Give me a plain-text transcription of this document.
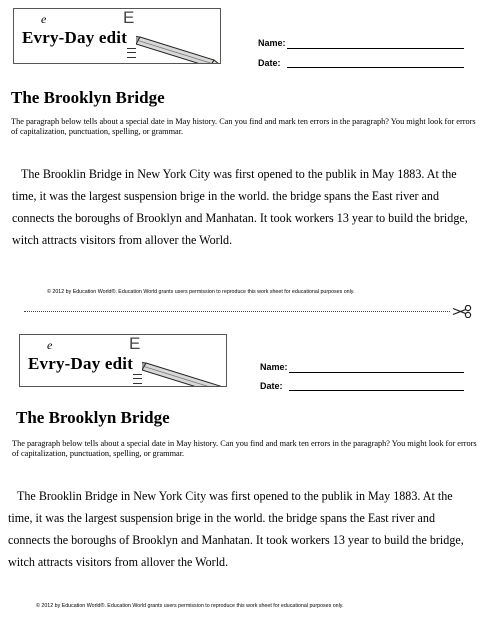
e	E
Evry-Day edit	Name:
Date:
The Brooklyn Bridge

The paragraph below tells about a special date in May history. Can you find and mark ten errors in the paragraph? You might look for errors of capitalization, punctuation, spelling, or grammar.

The Brooklin Bridge in New York City was first opened to the publik in May 1883. At the time, it was the largest suspension brige in the world. the bridge spans the East river and connects the boroughs of Brooklyn and Manhatan. It took workers 13 year to build the bridge, witch attracts visitors from allover the World.

© 2012 by Education World®. Education World grants users permission to reproduce this work sheet for educational purposes only.

e	E
Evry-Day edit	Name:
Date:
The Brooklyn Bridge

The paragraph below tells about a special date in May history. Can you find and mark ten errors in the paragraph? You might look for errors of capitalization, punctuation, spelling, or grammar.

The Brooklin Bridge in New York City was first opened to the publik in May 1883. At the time, it was the largest suspension brige in the world. the bridge spans the East river and connects the boroughs of Brooklyn and Manhatan. It took workers 13 year to build the bridge, witch attracts visitors from allover the World.

© 2012 by Education World®. Education World grants users permission to reproduce this work sheet for educational purposes only.
